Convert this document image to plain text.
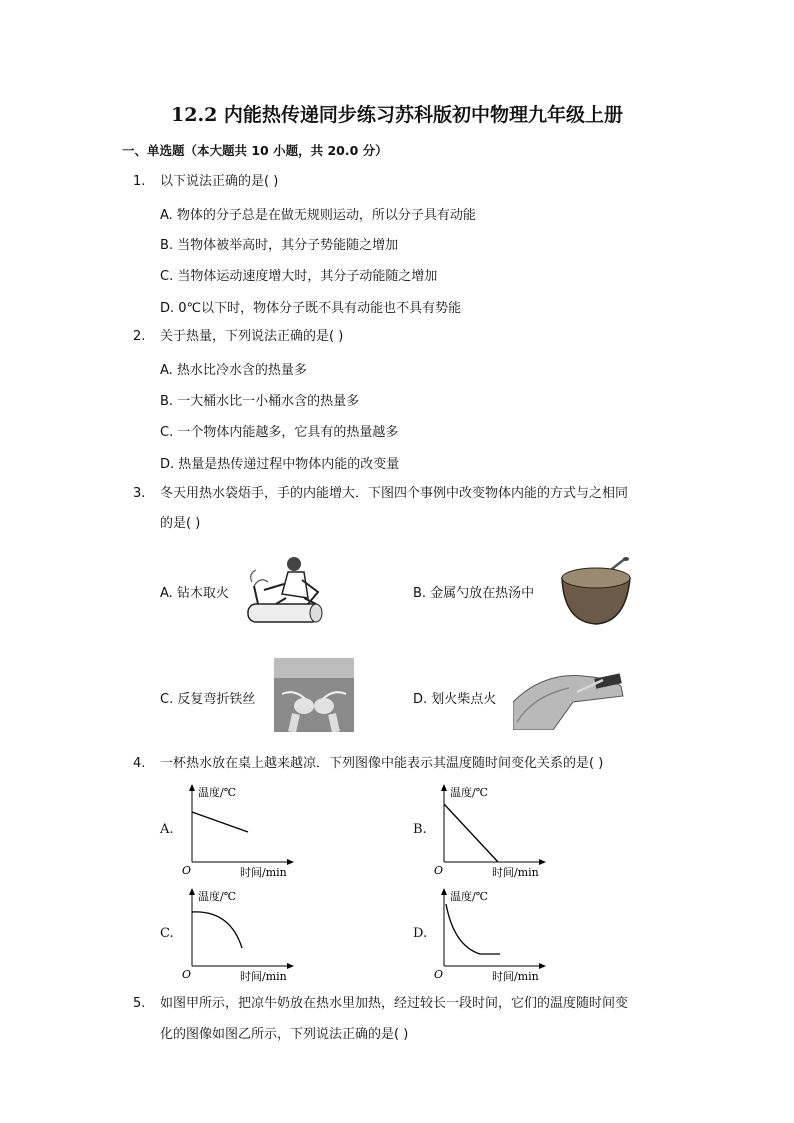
12.2 内能热传递同步练习苏科版初中物理九年级上册
一、单选题（本大题共 10 小题，共 20.0 分）
1. 以下说法正确的是( )
A. 物体的分子总是在做无规则运动，所以分子具有动能
B. 当物体被举高时，其分子势能随之增加
C. 当物体运动速度增大时，其分子动能随之增加
D. 0℃以下时，物体分子既不具有动能也不具有势能
2. 关于热量，下列说法正确的是( )
A. 热水比冷水含的热量多
B. 一大桶水比一小桶水含的热量多
C. 一个物体内能越多，它具有的热量越多
D. 热量是热传递过程中物体内能的改变量
3. 冬天用热水袋焐手，手的内能增大．下图四个事例中改变物体内能的方式与之相同
的是( )
A. 钻木取火	B. 金属勺放在热汤中
C. 反复弯折铁丝	D. 划火柴点火
4. 一杯热水放在桌上越来越凉．下列图像中能表示其温度随时间变化关系的是( )
A.
温度/℃
O	时间/min
B.
温度/℃
O	时间/min
C.
温度/℃
O	时间/min
D.
温度/℃
O	时间/min
5. 如图甲所示，把凉牛奶放在热水里加热，经过较长一段时间，它们的温度随时间变
化的图像如图乙所示，下列说法正确的是( )
